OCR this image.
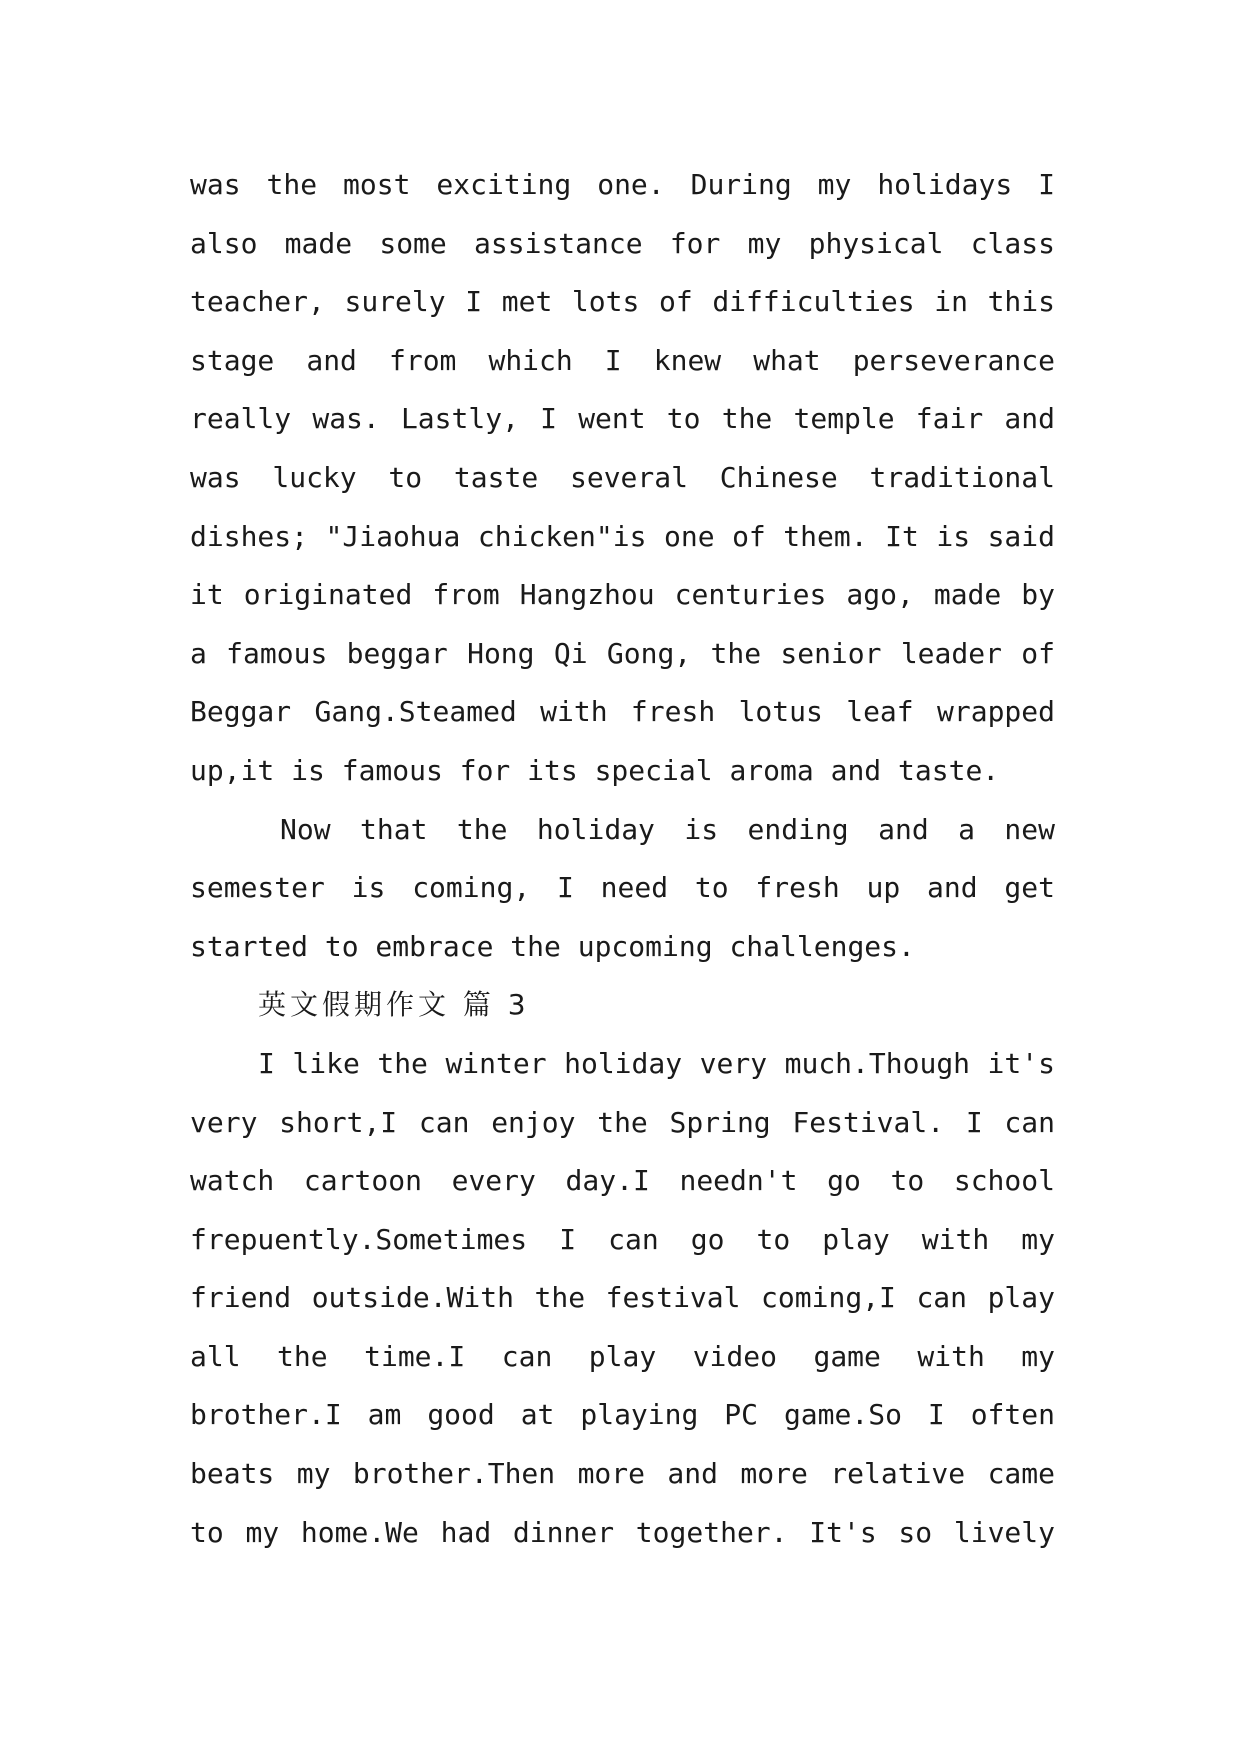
was the most exciting one. During my holidays I
also made some assistance for my physical class
teacher, surely I met lots of difficulties in this
stage and from which I knew what perseverance
really was. Lastly, I went to the temple fair and
was lucky to taste several Chinese traditional
dishes; "Jiaohua chicken"is one of them. It is said
it originated from Hangzhou centuries ago, made by
a famous beggar Hong Qi Gong, the senior leader of
Beggar Gang.Steamed with fresh lotus leaf wrapped
up,it is famous for its special aroma and taste.
Now that the holiday is ending and a new
semester is coming, I need to fresh up and get
started to embrace the upcoming challenges.
英文假期作文 篇 3
I like the winter holiday very much.Though it's
very short,I can enjoy the Spring Festival. I can
watch cartoon every day.I needn't go to school
frepuently.Sometimes I can go to play with my
friend outside.With the festival coming,I can play
all the time.I can play video game with my
brother.I am good at playing PC game.So I often
beats my brother.Then more and more relative came
to my home.We had dinner together. It's so lively
